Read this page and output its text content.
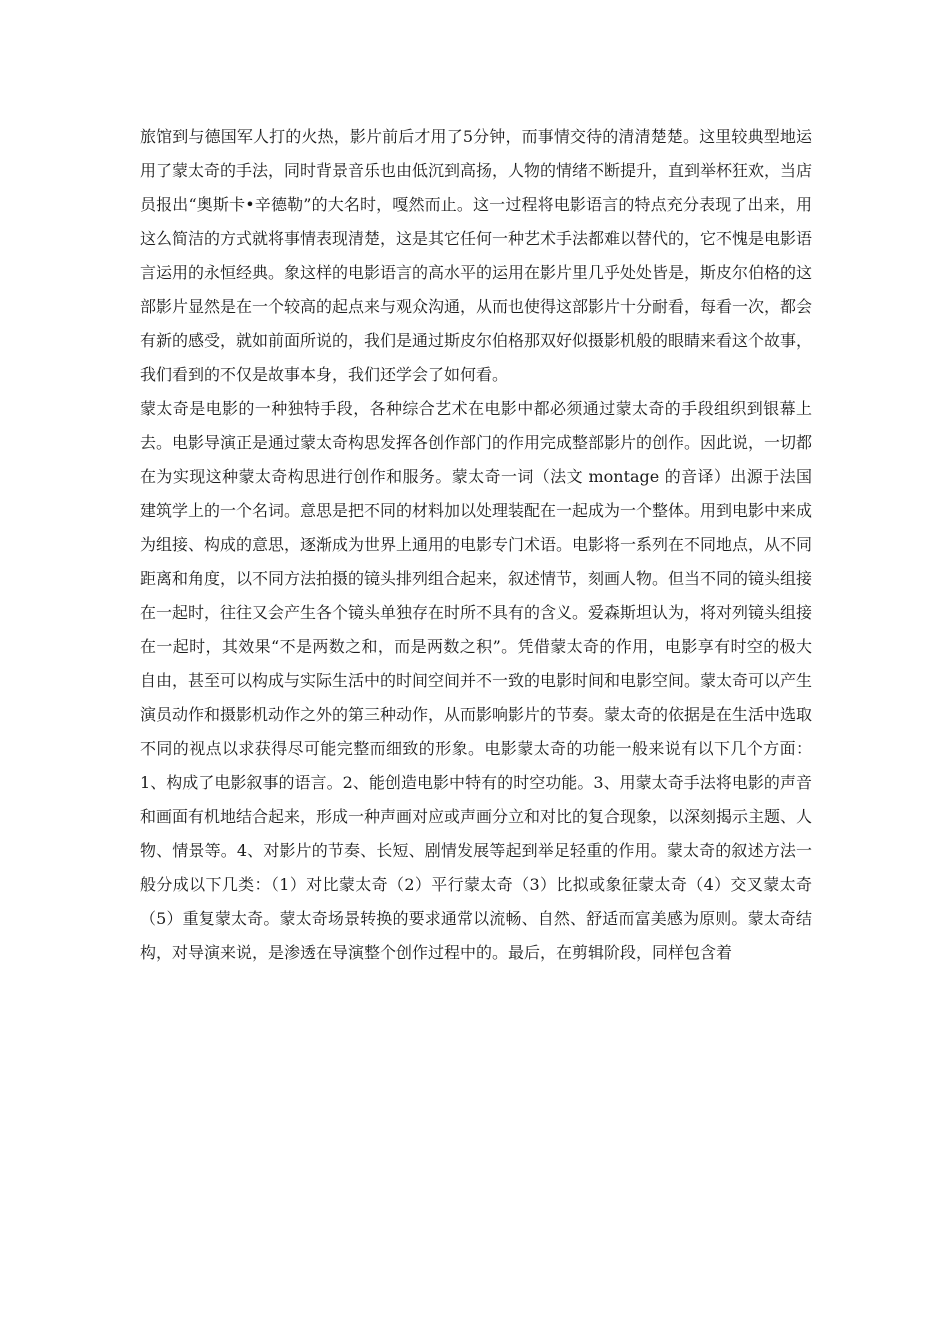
旅馆到与德国军人打的火热，影片前后才用了5分钟，而事情交待的清清楚楚。这里较典型地运用了蒙太奇的手法，同时背景音乐也由低沉到高扬，人物的情绪不断提升，直到举杯狂欢，当店员报出“奥斯卡•辛德勒”的大名时，嘎然而止。这一过程将电影语言的特点充分表现了出来，用这么简洁的方式就将事情表现清楚，这是其它任何一种艺术手法都难以替代的，它不愧是电影语言运用的永恒经典。象这样的电影语言的高水平的运用在影片里几乎处处皆是，斯皮尔伯格的这部影片显然是在一个较高的起点来与观众沟通，从而也使得这部影片十分耐看，每看一次，都会有新的感受，就如前面所说的，我们是通过斯皮尔伯格那双好似摄影机般的眼睛来看这个故事，我们看到的不仅是故事本身，我们还学会了如何看。

蒙太奇是电影的一种独特手段，各种综合艺术在电影中都必须通过蒙太奇的手段组织到银幕上去。电影导演正是通过蒙太奇构思发挥各创作部门的作用完成整部影片的创作。因此说，一切都在为实现这种蒙太奇构思进行创作和服务。蒙太奇一词（法文 montage 的音译）出源于法国建筑学上的一个名词。意思是把不同的材料加以处理装配在一起成为一个整体。用到电影中来成为组接、构成的意思，逐渐成为世界上通用的电影专门术语。电影将一系列在不同地点，从不同距离和角度，以不同方法拍摄的镜头排列组合起来，叙述情节，刻画人物。但当不同的镜头组接在一起时，往往又会产生各个镜头单独存在时所不具有的含义。爱森斯坦认为，将对列镜头组接在一起时，其效果“不是两数之和，而是两数之积”。凭借蒙太奇的作用，电影享有时空的极大自由，甚至可以构成与实际生活中的时间空间并不一致的电影时间和电影空间。蒙太奇可以产生演员动作和摄影机动作之外的第三种动作，从而影响影片的节奏。蒙太奇的依据是在生活中选取不同的视点以求获得尽可能完整而细致的形象。电影蒙太奇的功能一般来说有以下几个方面：1、构成了电影叙事的语言。2、能创造电影中特有的时空功能。3、用蒙太奇手法将电影的声音和画面有机地结合起来，形成一种声画对应或声画分立和对比的复合现象，以深刻揭示主题、人物、情景等。4、对影片的节奏、长短、剧情发展等起到举足轻重的作用。蒙太奇的叙述方法一般分成以下几类：（1）对比蒙太奇（2）平行蒙太奇（3）比拟或象征蒙太奇（4）交叉蒙太奇（5）重复蒙太奇。蒙太奇场景转换的要求通常以流畅、自然、舒适而富美感为原则。蒙太奇结构，对导演来说，是渗透在导演整个创作过程中的。最后，在剪辑阶段，同样包含着
